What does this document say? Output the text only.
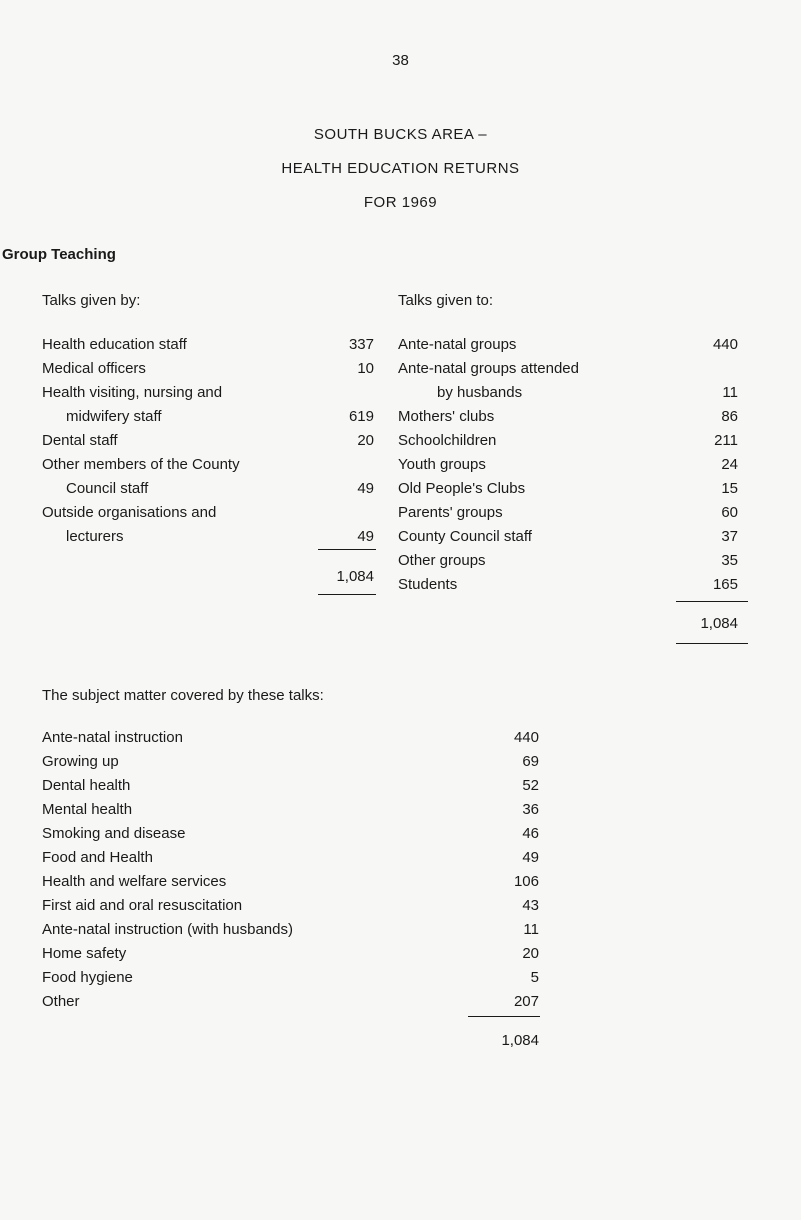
38
SOUTH BUCKS AREA –
HEALTH EDUCATION RETURNS
FOR 1969
Group Teaching
Talks given by:	Talks given to:
Health education staff	337
Medical officers	10
Health visiting, nursing and
midwifery staff	619
Dental staff	20
Other members of the County
Council staff	49
Outside organisations and
lecturers	49
1,084
Ante-natal groups	440
Ante-natal groups attended
by husbands	11
Mothers' clubs	86
Schoolchildren	211
Youth groups	24
Old People's Clubs	15
Parents' groups	60
County Council staff	37
Other groups	35
Students	165
1,084
The subject matter covered by these talks:
Ante-natal instruction	440
Growing up	69
Dental health	52
Mental health	36
Smoking and disease	46
Food and Health	49
Health and welfare services	106
First aid and oral resuscitation	43
Ante-natal instruction (with husbands)	11
Home safety	20
Food hygiene	5
Other	207
1,084
